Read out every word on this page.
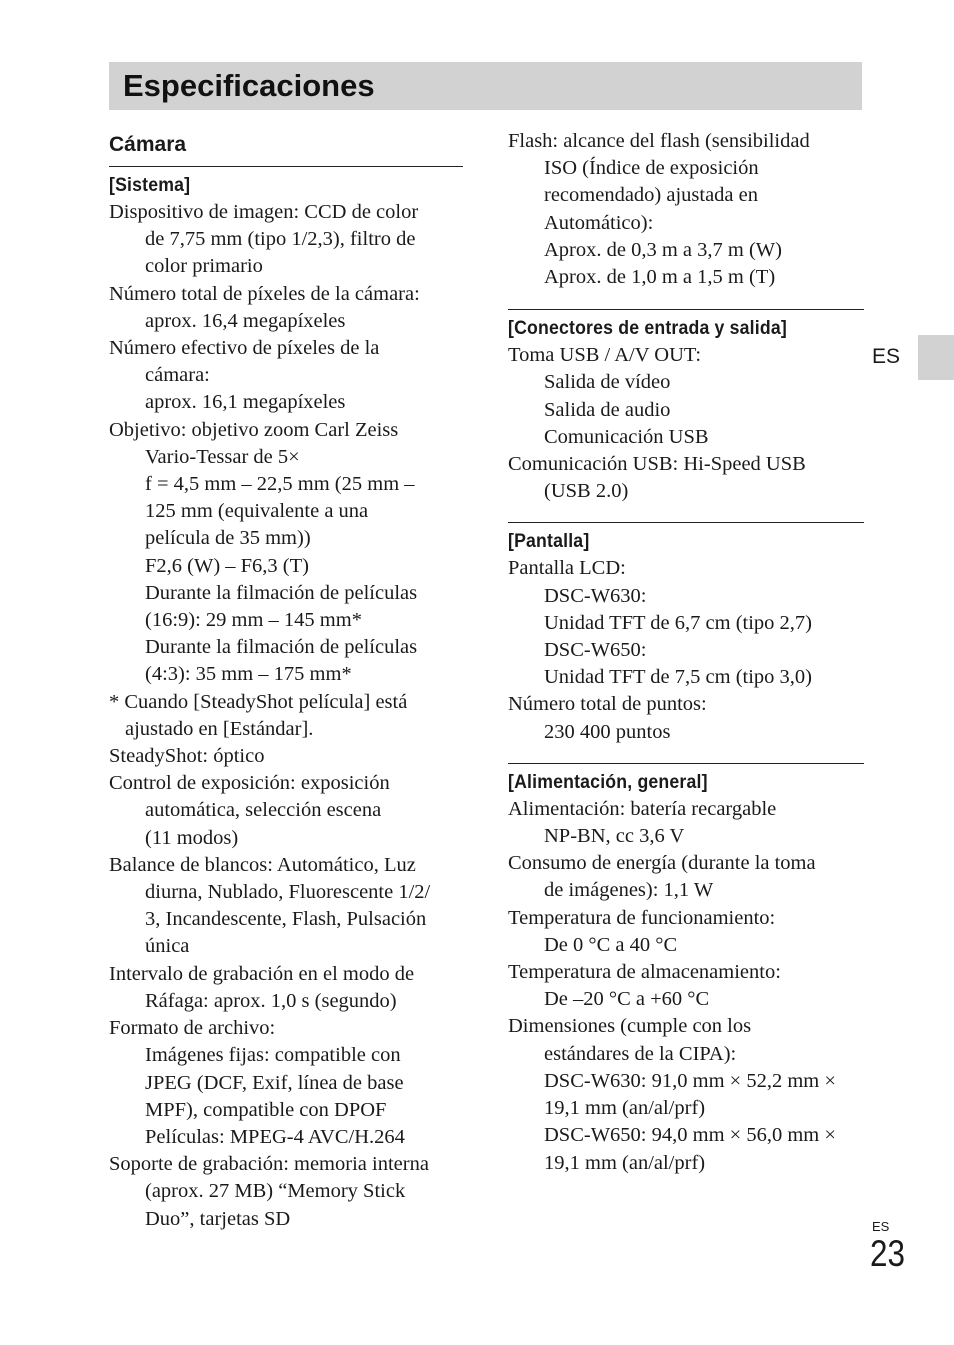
Especificaciones
Cámara
[Sistema]
Dispositivo de imagen: CCD de color
de 7,75 mm (tipo 1/2,3), filtro de
color primario
Número total de píxeles de la cámara:
aprox. 16,4 megapíxeles
Número efectivo de píxeles de la
cámara:
aprox. 16,1 megapíxeles
Objetivo: objetivo zoom Carl Zeiss
Vario-Tessar de 5×
f = 4,5 mm – 22,5 mm (25 mm –
125 mm (equivalente a una
película de 35 mm))
F2,6 (W) – F6,3 (T)
Durante la filmación de películas
(16:9): 29 mm – 145 mm*
Durante la filmación de películas
(4:3): 35 mm – 175 mm*
* Cuando [SteadyShot película] está
ajustado en [Estándar].
SteadyShot: óptico
Control de exposición: exposición
automática, selección escena
(11 modos)
Balance de blancos: Automático, Luz
diurna, Nublado, Fluorescente 1/2/
3, Incandescente, Flash, Pulsación
única
Intervalo de grabación en el modo de
Ráfaga: aprox. 1,0 s (segundo)
Formato de archivo:
Imágenes fijas: compatible con
JPEG (DCF, Exif, línea de base
MPF), compatible con DPOF
Películas: MPEG-4 AVC/H.264
Soporte de grabación: memoria interna
(aprox. 27 MB) “Memory Stick
Duo”, tarjetas SD
Flash: alcance del flash (sensibilidad
ISO (Índice de exposición
recomendado) ajustada en
Automático):
Aprox. de 0,3 m a 3,7 m (W)
Aprox. de 1,0 m a 1,5 m (T)
[Conectores de entrada y salida]
Toma USB / A/V OUT:
Salida de vídeo
Salida de audio
Comunicación USB
Comunicación USB: Hi-Speed USB
(USB 2.0)
[Pantalla]
Pantalla LCD:
DSC-W630:
Unidad TFT de 6,7 cm (tipo 2,7)
DSC-W650:
Unidad TFT de 7,5 cm (tipo 3,0)
Número total de puntos:
230 400 puntos
[Alimentación, general]
Alimentación: batería recargable
NP-BN, cc 3,6 V
Consumo de energía (durante la toma
de imágenes): 1,1 W
Temperatura de funcionamiento:
De 0 °C a 40 °C
Temperatura de almacenamiento:
De –20 °C a +60 °C
Dimensiones (cumple con los
estándares de la CIPA):
DSC-W630: 91,0 mm × 52,2 mm ×
19,1 mm (an/al/prf)
DSC-W650: 94,0 mm × 56,0 mm ×
19,1 mm (an/al/prf)
ES
ES
23
